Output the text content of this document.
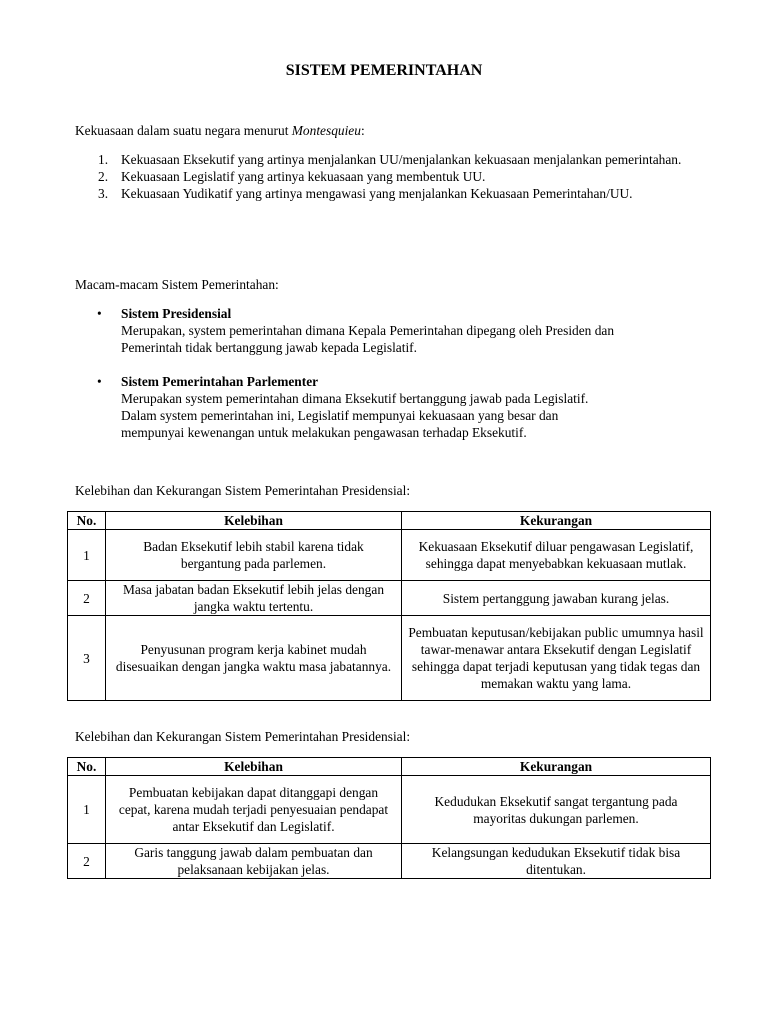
SISTEM PEMERINTAHAN
Kekuasaan dalam suatu negara menurut Montesquieu:
1. Kekuasaan Eksekutif yang artinya menjalankan UU/menjalankan kekuasaan menjalankan pemerintahan.
2. Kekuasaan Legislatif yang artinya kekuasaan yang membentuk UU.
3. Kekuasaan Yudikatif yang artinya mengawasi yang menjalankan Kekuasaan Pemerintahan/UU.
Macam-macam Sistem Pemerintahan:
• Sistem Presidensial
Merupakan, system pemerintahan dimana Kepala Pemerintahan dipegang oleh Presiden dan
Pemerintah tidak bertanggung jawab kepada Legislatif.
• Sistem Pemerintahan Parlementer
Merupakan system pemerintahan dimana Eksekutif bertanggung jawab pada Legislatif.
Dalam system pemerintahan ini, Legislatif mempunyai kekuasaan yang besar dan
mempunyai kewenangan untuk melakukan pengawasan terhadap Eksekutif.
Kelebihan dan Kekurangan Sistem Pemerintahan Presidensial:
No.	Kelebihan	Kekurangan
1	Badan Eksekutif lebih stabil karena tidak bergantung pada parlemen.	Kekuasaan Eksekutif diluar pengawasan Legislatif, sehingga dapat menyebabkan kekuasaan mutlak.
2	Masa jabatan badan Eksekutif lebih jelas dengan jangka waktu tertentu.	Sistem pertanggung jawaban kurang jelas.
3	Penyusunan program kerja kabinet mudah disesuaikan dengan jangka waktu masa jabatannya.	Pembuatan keputusan/kebijakan public umumnya hasil tawar-menawar antara Eksekutif dengan Legislatif sehingga dapat terjadi keputusan yang tidak tegas dan memakan waktu yang lama.
Kelebihan dan Kekurangan Sistem Pemerintahan Presidensial:
No.	Kelebihan	Kekurangan
1	Pembuatan kebijakan dapat ditanggapi dengan cepat, karena mudah terjadi penyesuaian pendapat antar Eksekutif dan Legislatif.	Kedudukan Eksekutif sangat tergantung pada mayoritas dukungan parlemen.
2	Garis tanggung jawab dalam pembuatan dan pelaksanaan kebijakan jelas.	Kelangsungan kedudukan Eksekutif tidak bisa ditentukan.
